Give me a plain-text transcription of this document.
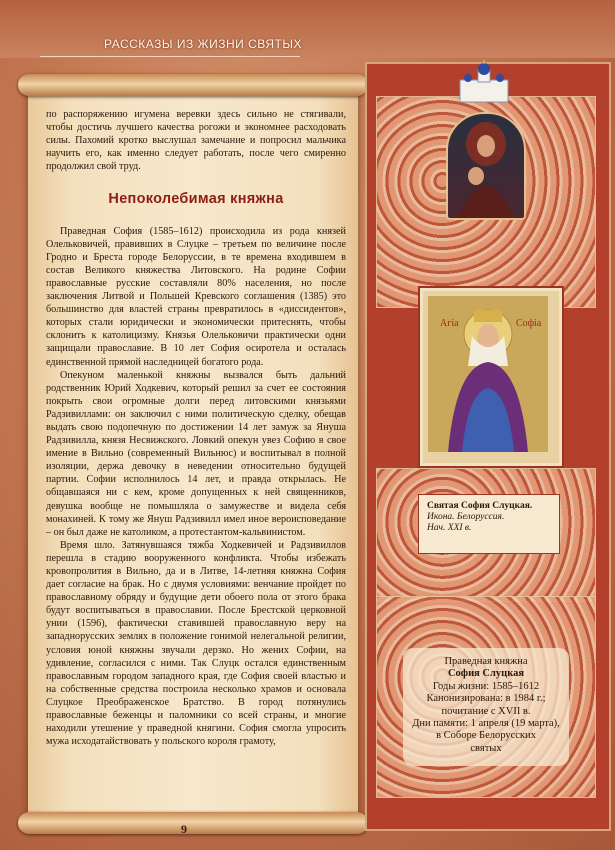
РАССКАЗЫ ИЗ ЖИЗНИ СВЯТЫХ

по распоряжению игумена веревки здесь сильно не стягивали, чтобы достичь лучшего качества рогожи и экономнее расходовать силы. Пахомий кротко выслушал замечание и попросил мальчика научить его, как именно следует работать, после чего смиренно продолжил свой труд.

Непоколебимая княжна

Праведная София (1585–1612) происходила из рода князей Олельковичей, правивших в Слуцке – третьем по величине после Гродно и Бреста городе Белоруссии, в те времена входившем в состав Великого княжества Литовского. На родине Софии православные русские составляли 80% населения, но после заключения Литвой и Польшей Кревского соглашения (1385) это большинство для властей страны превратилось в «диссидентов», которых стали юридически и экономически притеснять, чтобы склонить к католицизму. Князья Олельковичи практически одни защищали православие. В 10 лет София осиротела и осталась единственной прямой наследницей богатого рода.

Опекуном маленькой княжны вызвался быть дальний родственник Юрий Ходкевич, который решил за счет ее состояния покрыть свои огромные долги перед литовскими князьями Радзивиллами: он заключил с ними политическую сделку, обещав выдать свою подопечную по достижении 14 лет замуж за Януша Радзивилла, князя Несвижского. Ловкий опекун увез Софию в свое имение в Вильно (современный Вильнюс) и воспитывал в полной изоляции, держа девочку в неведении относительно будущей партии. Софии исполнилось 14 лет, и правда открылась. Не общавшаяся ни с кем, кроме допущенных к ней священников, девушка вообще не помышляла о замужестве и видела себя монахиней. К тому же Януш Радзивилл имел иное вероисповедание – он был даже не католиком, а протестантом-кальвинистом.

Время шло. Затянувшаяся тяжба Ходкевичей и Радзивиллов перешла в стадию вооруженного конфликта. Чтобы избежать кровопролития в Вильно, да и в Литве, 14-летняя княжна София дает согласие на брак. Но с двумя условиями: венчание пройдет по православному обряду и будущие дети обоего пола от этого брака будут воспитываться в православии. После Брестской церковной унии (1596), фактически ставившей православную веру на западнорусских землях в положение гонимой нелегальной религии, условия юной княжны звучали дерзко. Но жених Софии, на удивление, согласился с ними. Так Слуцк остался единственным православным городом западного края, где София своей властью и на собственные средства построила несколько храмов и основала Слуцкое Преображенское Братство. В город потянулись православные беженцы и паломники со всей страны, и многие находили утешение у праведной княгини. София смогла упросить мужа исходатайствовать у польского короля грамоту,

9
Агiа	Софiа
Святая София Слуцкая.
Икона. Белоруссия.
Нач. XXI в.
Праведная княжна
София Слуцкая
Годы жизни: 1585–1612
Канонизирована: в 1984 г.;
почитание с XVII в.
Дни памяти: 1 апреля (19 марта),
в Соборе Белорусских
святых
